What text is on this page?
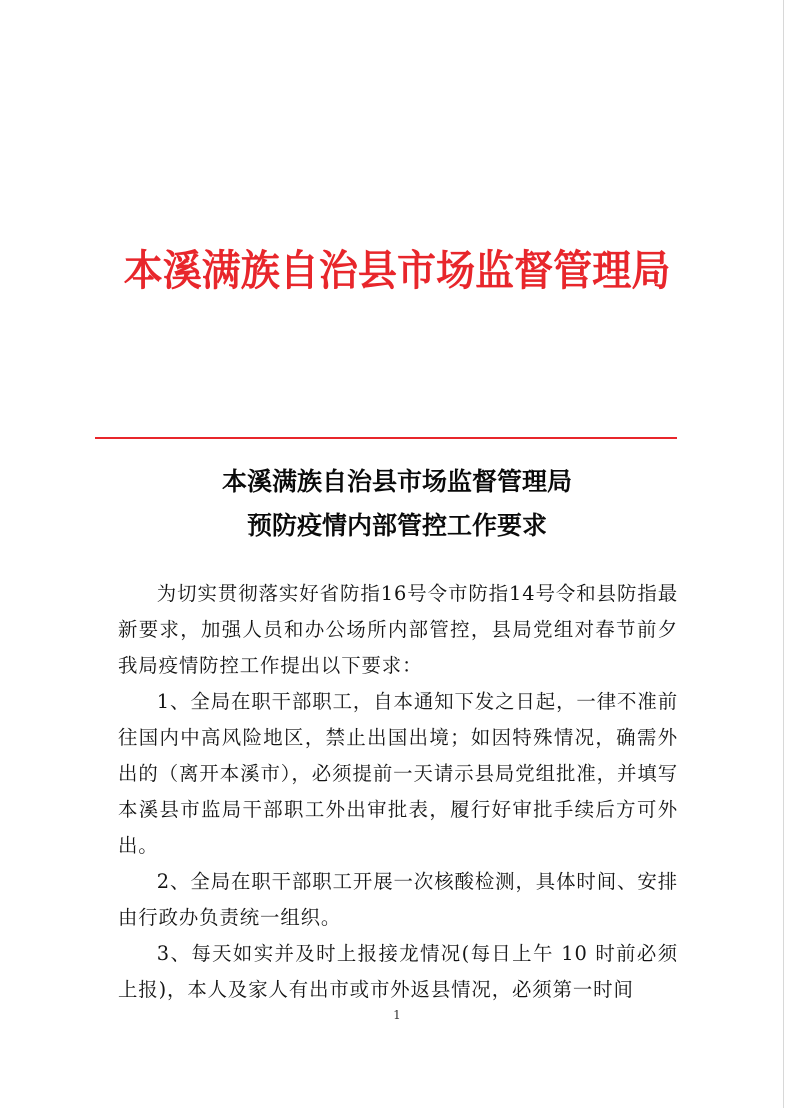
本溪满族自治县市场监督管理局
本溪满族自治县市场监督管理局
预防疫情内部管控工作要求

为切实贯彻落实好省防指16号令市防指14号令和县防指最新要求，加强人员和办公场所内部管控，县局党组对春节前夕我局疫情防控工作提出以下要求：

1、全局在职干部职工，自本通知下发之日起，一律不准前往国内中高风险地区，禁止出国出境；如因特殊情况，确需外出的（离开本溪市），必须提前一天请示县局党组批准，并填写本溪县市监局干部职工外出审批表，履行好审批手续后方可外出。

2、全局在职干部职工开展一次核酸检测，具体时间、安排由行政办负责统一组织。

3、每天如实并及时上报接龙情况(每日上午 10 时前必须上报)，本人及家人有出市或市外返县情况，必须第一时间

1
